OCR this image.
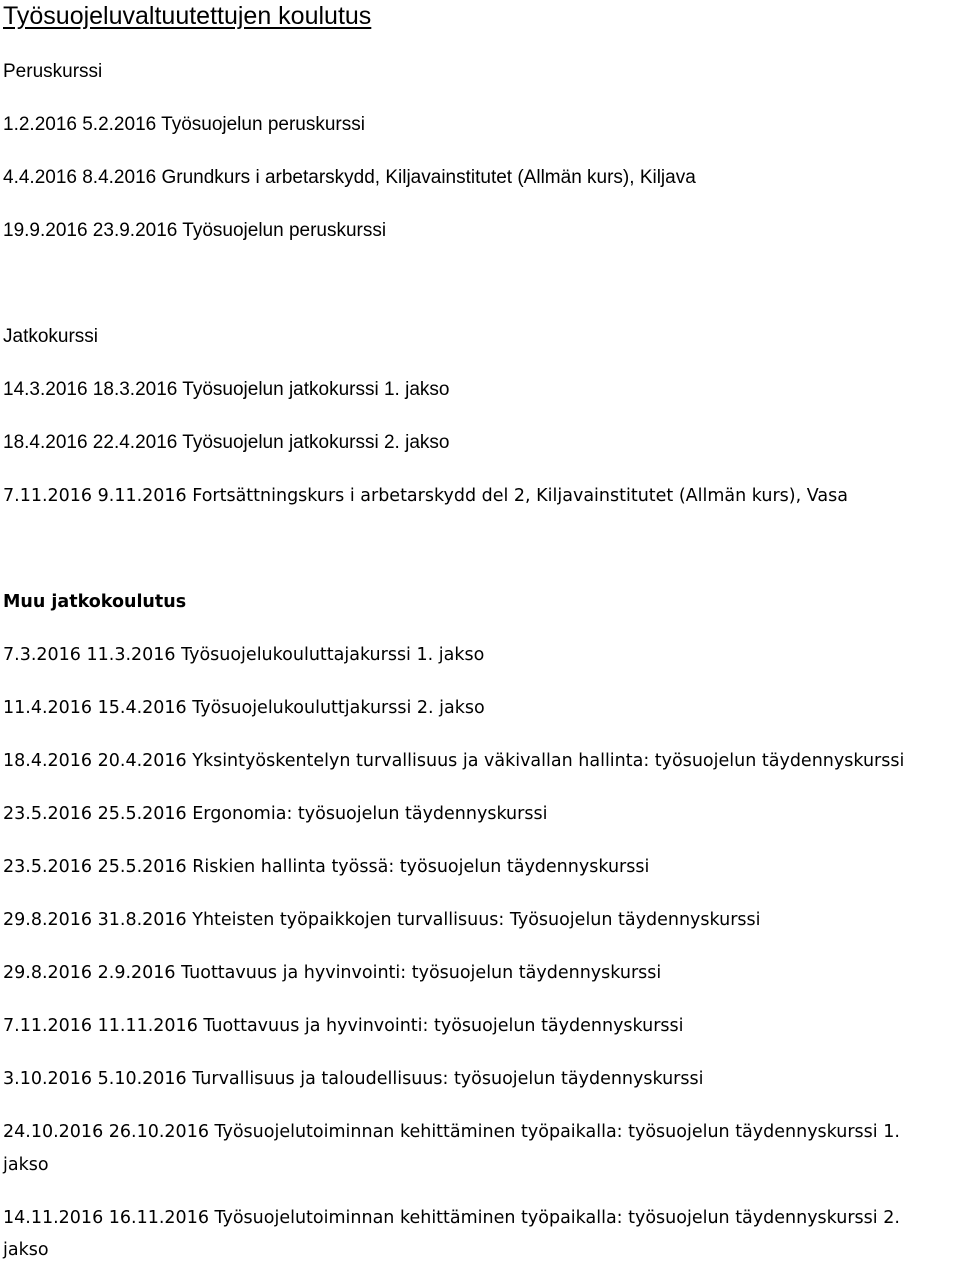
Työsuojeluvaltuutettujen koulutus
Peruskurssi
1.2.2016 5.2.2016 Työsuojelun peruskurssi
4.4.2016 8.4.2016 Grundkurs i arbetarskydd, Kiljavainstitutet (Allmän kurs), Kiljava
19.9.2016 23.9.2016 Työsuojelun peruskurssi
Jatkokurssi
14.3.2016 18.3.2016 Työsuojelun jatkokurssi 1. jakso
18.4.2016 22.4.2016 Työsuojelun jatkokurssi 2. jakso
7.11.2016 9.11.2016 Fortsättningskurs i arbetarskydd del 2, Kiljavainstitutet (Allmän kurs), Vasa
Muu jatkokoulutus
7.3.2016 11.3.2016 Työsuojelukouluttajakurssi 1. jakso
11.4.2016 15.4.2016 Työsuojelukouluttjakurssi 2. jakso
18.4.2016 20.4.2016 Yksintyöskentelyn turvallisuus ja väkivallan hallinta: työsuojelun täydennyskurssi
23.5.2016 25.5.2016 Ergonomia: työsuojelun täydennyskurssi
23.5.2016 25.5.2016 Riskien hallinta työssä: työsuojelun täydennyskurssi
29.8.2016 31.8.2016 Yhteisten työpaikkojen turvallisuus: Työsuojelun täydennyskurssi
29.8.2016 2.9.2016 Tuottavuus ja hyvinvointi: työsuojelun täydennyskurssi
7.11.2016 11.11.2016 Tuottavuus ja hyvinvointi: työsuojelun täydennyskurssi
3.10.2016 5.10.2016 Turvallisuus ja taloudellisuus: työsuojelun täydennyskurssi
24.10.2016 26.10.2016 Työsuojelutoiminnan kehittäminen työpaikalla: työsuojelun täydennyskurssi 1.
jakso
14.11.2016 16.11.2016 Työsuojelutoiminnan kehittäminen työpaikalla: työsuojelun täydennyskurssi 2.
jakso
